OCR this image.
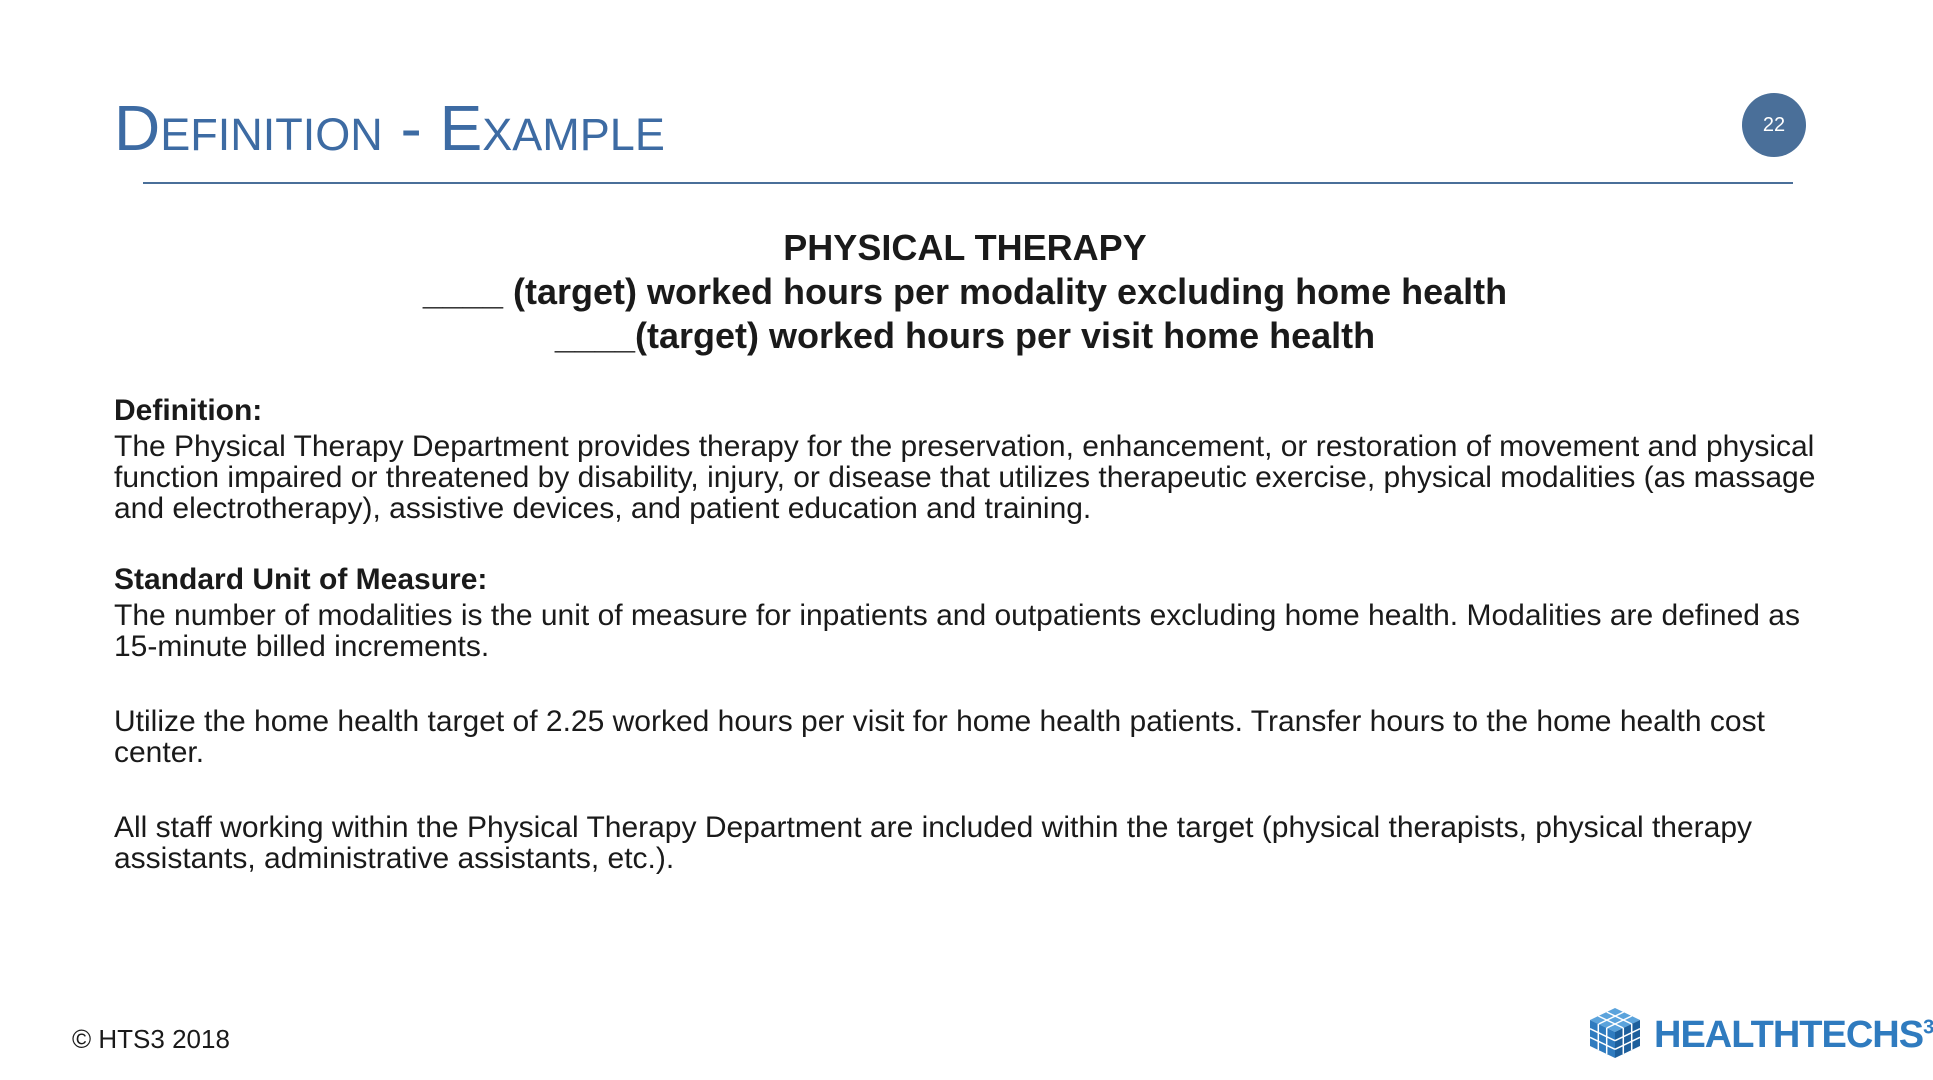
Definition - Example	22
PHYSICAL THERAPY
____ (target) worked hours per modality excluding home health
____(target) worked hours per visit home health
Definition:

The Physical Therapy Department provides therapy for the preservation, enhancement, or restoration of movement and physical function impaired or threatened by disability, injury, or disease that utilizes therapeutic exercise, physical modalities (as massage and electrotherapy), assistive devices, and patient education and training.

Standard Unit of Measure:

The number of modalities is the unit of measure for inpatients and outpatients excluding home health. Modalities are defined as 15-minute billed increments.

Utilize the home health target of 2.25 worked hours per visit for home health patients. Transfer hours to the home health cost center.

All staff working within the Physical Therapy Department are included within the target (physical therapists, physical therapy assistants, administrative assistants, etc.).

© HTS3 2018	HEALTHTECHS$^3$
